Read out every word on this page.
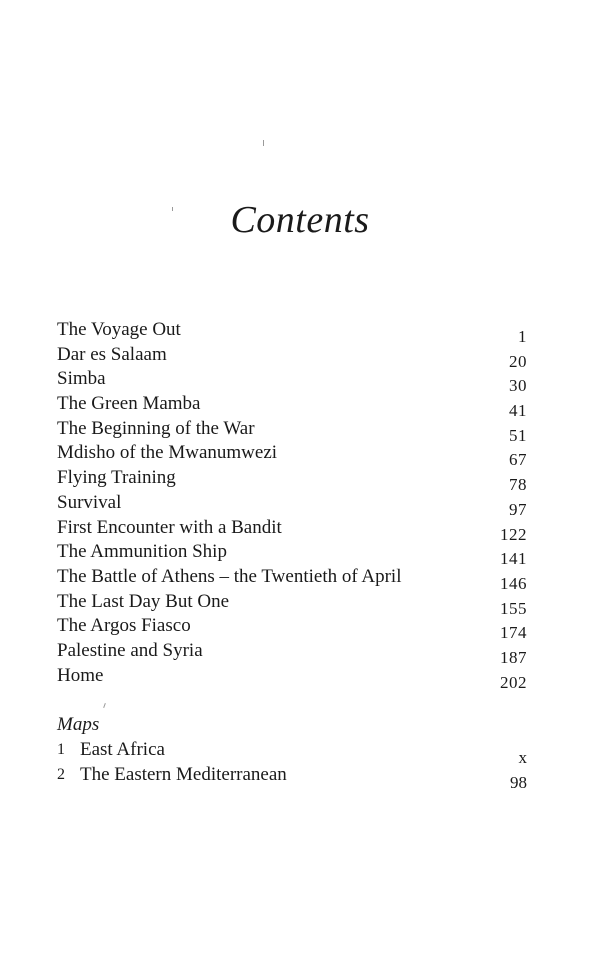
Contents
The Voyage Out	1
Dar es Salaam	20
Simba	30
The Green Mamba	41
The Beginning of the War	51
Mdisho of the Mwanumwezi	67
Flying Training	78
Survival	97
First Encounter with a Bandit	122
The Ammunition Ship	141
The Battle of Athens – the Twentieth of April	146
The Last Day But One	155
The Argos Fiasco	174
Palestine and Syria	187
Home	202
Maps
1 East Africa	x
2 The Eastern Mediterranean	98
